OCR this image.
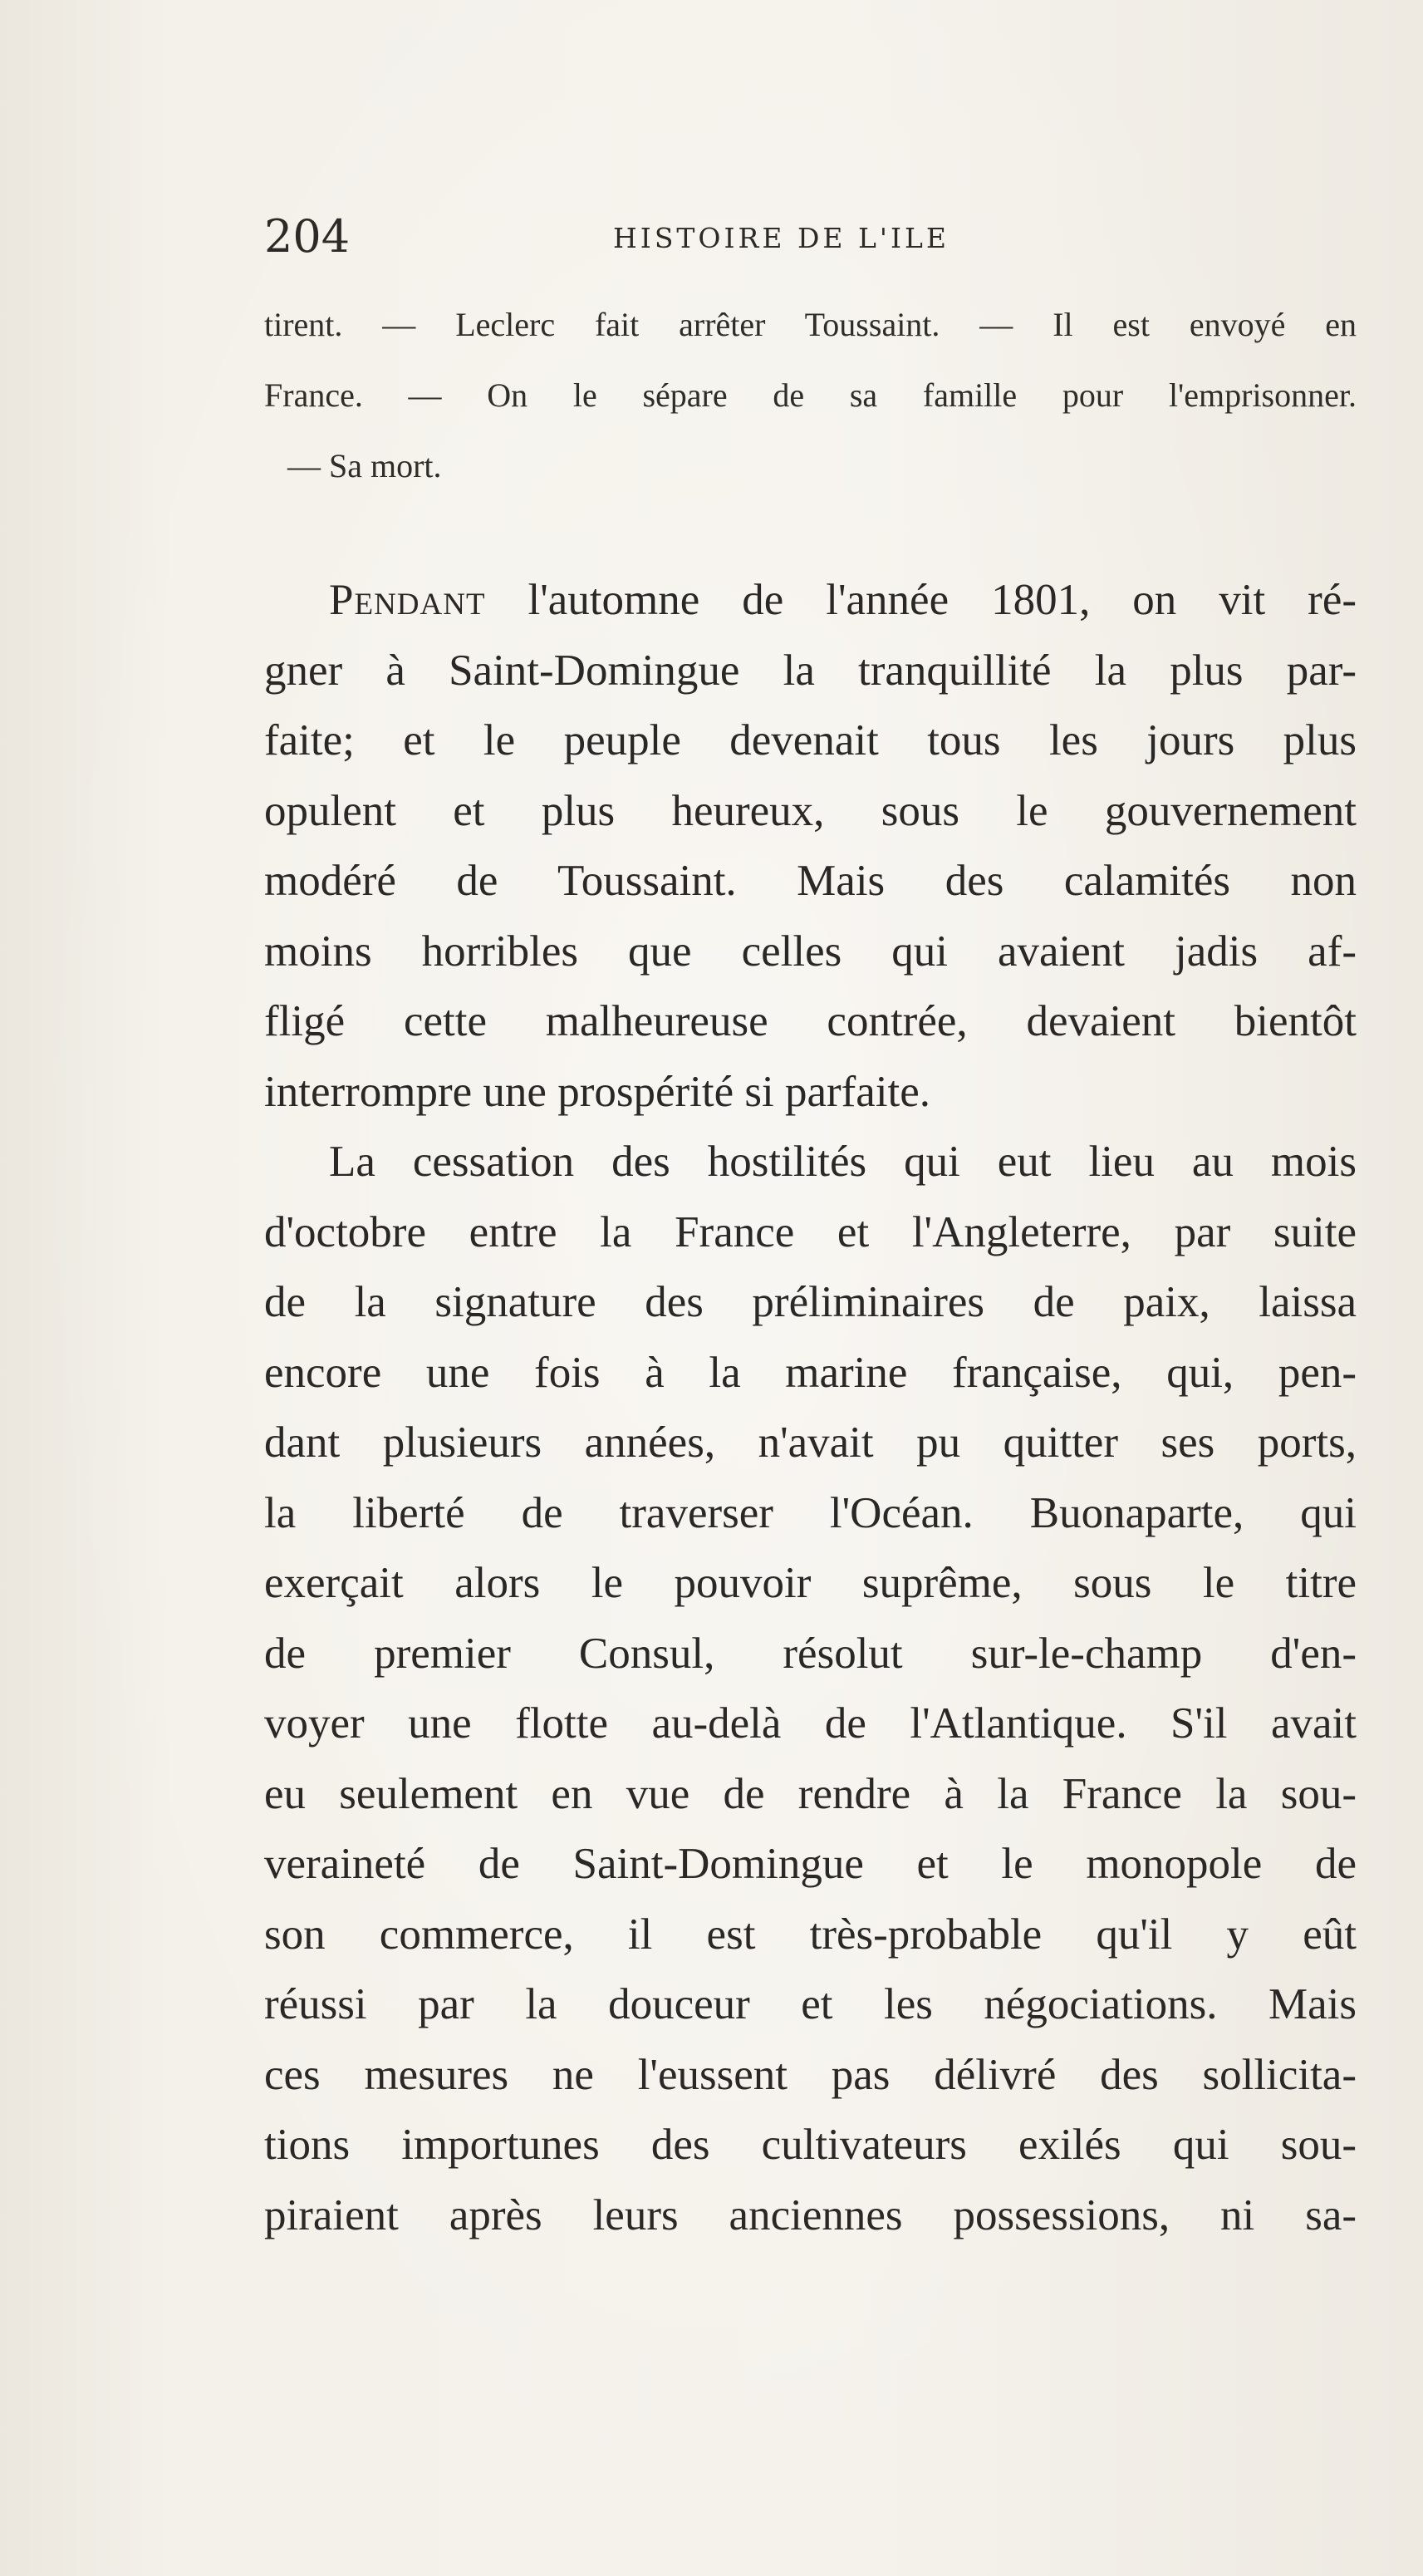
204	HISTOIRE DE L'ILE
tirent. — Leclerc fait arrêter Toussaint. — Il est envoyé en
France. — On le sépare de sa famille pour l'emprisonner.
— Sa mort.
Pendant l'automne de l'année 1801, on vit ré-
gner à Saint-Domingue la tranquillité la plus par-
faite; et le peuple devenait tous les jours plus
opulent et plus heureux, sous le gouvernement
modéré de Toussaint. Mais des calamités non
moins horribles que celles qui avaient jadis af-
fligé cette malheureuse contrée, devaient bientôt
interrompre une prospérité si parfaite.
La cessation des hostilités qui eut lieu au mois
d'octobre entre la France et l'Angleterre, par suite
de la signature des préliminaires de paix, laissa
encore une fois à la marine française, qui, pen-
dant plusieurs années, n'avait pu quitter ses ports,
la liberté de traverser l'Océan. Buonaparte, qui
exerçait alors le pouvoir suprême, sous le titre
de premier Consul, résolut sur-le-champ d'en-
voyer une flotte au-delà de l'Atlantique. S'il avait
eu seulement en vue de rendre à la France la sou-
veraineté de Saint-Domingue et le monopole de
son commerce, il est très-probable qu'il y eût
réussi par la douceur et les négociations. Mais
ces mesures ne l'eussent pas délivré des sollicita-
tions importunes des cultivateurs exilés qui sou-
piraient après leurs anciennes possessions, ni sa-
